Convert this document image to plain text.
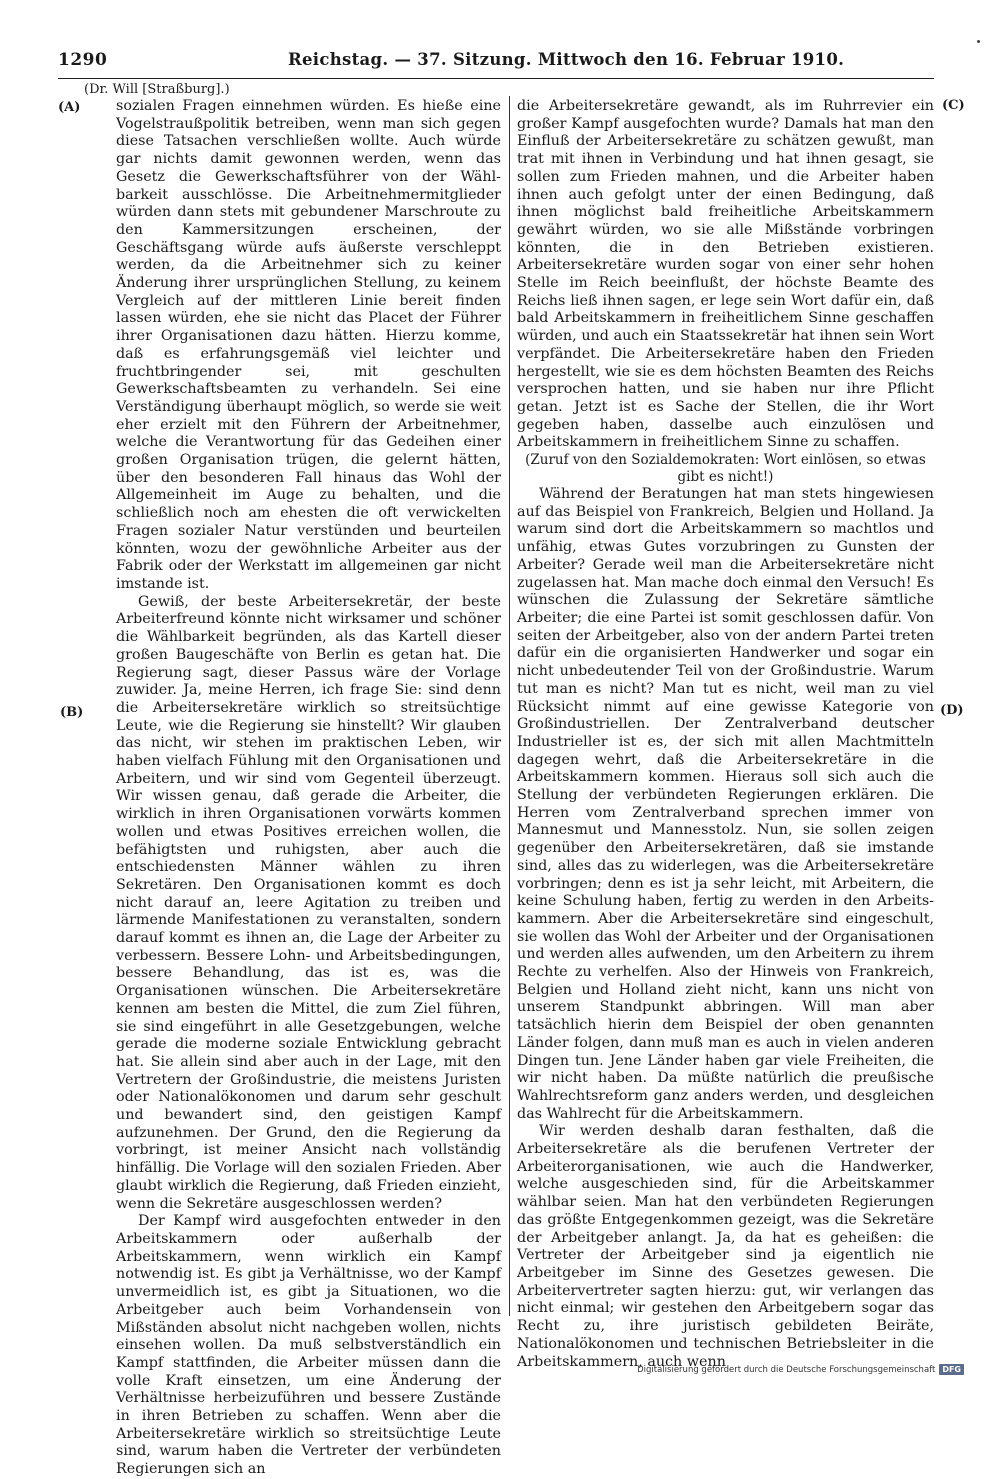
1290	Reichstag. — 37. Sitzung. Mittwoch den 16. Februar 1910.
(Dr. Will [Straßburg].)
(A)
(B)
(C)
(D)

sozialen Fragen einnehmen würden. Es hieße eine Vogelstraußpolitik betreiben, wenn man sich gegen diese Tatsachen verschließen wollte. Auch würde gar nichts damit gewonnen werden, wenn das Gesetz die Gewerkschaftsführer von der Wählbarkeit ausschlösse. Die Arbeitnehmermitglieder würden dann stets mit gebundener Marschroute zu den Kammersitzungen erscheinen, der Geschäftsgang würde aufs äußerste verschleppt werden, da die Arbeitnehmer sich zu keiner Änderung ihrer ursprünglichen Stellung, zu keinem Vergleich auf der mittleren Linie bereit finden lassen würden, ehe sie nicht das Placet der Führer ihrer Organisationen dazu hätten. Hierzu komme, daß es erfahrungsgemäß viel leichter und fruchtbringender sei, mit geschulten Gewerkschaftsbeamten zu verhandeln. Sei eine Verständigung überhaupt möglich, so werde sie weit eher erzielt mit den Führern der Arbeitnehmer, welche die Verantwortung für das Gedeihen einer großen Organisation trügen, die gelernt hätten, über den besonderen Fall hinaus das Wohl der Allgemeinheit im Auge zu behalten, und die schließlich noch am ehesten die oft verwickelten Fragen sozialer Natur verstünden und beurteilen könnten, wozu der gewöhnliche Arbeiter aus der Fabrik oder der Werkstatt im allgemeinen gar nicht imstande ist.

Gewiß, der beste Arbeitersekretär, der beste Arbeiterfreund könnte nicht wirksamer und schöner die Wählbarkeit begründen, als das Kartell dieser großen Baugeschäfte von Berlin es getan hat. Die Regierung sagt, dieser Passus wäre der Vorlage zuwider. Ja, meine Herren, ich frage Sie: sind denn die Arbeitersekretäre wirklich so streitsüchtige Leute, wie die Regierung sie hinstellt? Wir glauben das nicht, wir stehen im praktischen Leben, wir haben vielfach Fühlung mit den Organisationen und Arbeitern, und wir sind vom Gegenteil überzeugt. Wir wissen genau, daß gerade die Arbeiter, die wirklich in ihren Organisationen vorwärts kommen wollen und etwas Positives erreichen wollen, die befähigtsten und ruhigsten, aber auch die entschiedensten Männer wählen zu ihren Sekretären. Den Organisationen kommt es doch nicht darauf an, leere Agitation zu treiben und lärmende Manifestationen zu veranstalten, sondern darauf kommt es ihnen an, die Lage der Arbeiter zu verbessern. Bessere Lohn- und Arbeitsbedingungen, bessere Behandlung, das ist es, was die Organisationen wünschen. Die Arbeitersekretäre kennen am besten die Mittel, die zum Ziel führen, sie sind eingeführt in alle Gesetzgebungen, welche gerade die moderne soziale Entwicklung gebracht hat. Sie allein sind aber auch in der Lage, mit den Vertretern der Großindustrie, die meistens Juristen oder Nationalökonomen und darum sehr geschult und bewandert sind, den geistigen Kampf aufzunehmen. Der Grund, den die Regierung da vorbringt, ist meiner Ansicht nach vollständig hinfällig. Die Vorlage will den sozialen Frieden. Aber glaubt wirklich die Regierung, daß Frieden einzieht, wenn die Sekretäre ausgeschlossen werden?

Der Kampf wird ausgefochten entweder in den Arbeitskammern oder außerhalb der Arbeitskammern, wenn wirklich ein Kampf notwendig ist. Es gibt ja Verhältnisse, wo der Kampf unvermeidlich ist, es gibt ja Situationen, wo die Arbeitgeber auch beim Vorhandensein von Mißständen absolut nicht nachgeben wollen, nichts einsehen wollen. Da muß selbstverständlich ein Kampf stattfinden, die Arbeiter müssen dann die volle Kraft einsetzen, um eine Änderung der Verhältnisse herbeizuführen und bessere Zustände in ihren Betrieben zu schaffen. Wenn aber die Arbeitersekretäre wirklich so streitsüchtige Leute sind, warum haben die Vertreter der verbündeten Regierungen sich an

die Arbeitersekretäre gewandt, als im Ruhrrevier ein großer Kampf ausgefochten wurde? Damals hat man den Einfluß der Arbeitersekretäre zu schätzen gewußt, man trat mit ihnen in Verbindung und hat ihnen gesagt, sie sollen zum Frieden mahnen, und die Arbeiter haben ihnen auch gefolgt unter der einen Bedingung, daß ihnen möglichst bald freiheitliche Arbeitskammern gewährt würden, wo sie alle Mißstände vorbringen könnten, die in den Betrieben existieren. Arbeitersekretäre wurden sogar von einer sehr hohen Stelle im Reich beeinflußt, der höchste Beamte des Reichs ließ ihnen sagen, er lege sein Wort dafür ein, daß bald Arbeitskammern in freiheitlichem Sinne geschaffen würden, und auch ein Staatssekretär hat ihnen sein Wort verpfändet. Die Arbeitersekretäre haben den Frieden hergestellt, wie sie es dem höchsten Beamten des Reichs versprochen hatten, und sie haben nur ihre Pflicht getan. Jetzt ist es Sache der Stellen, die ihr Wort gegeben haben, dasselbe auch einzulösen und Arbeitskammern in freiheitlichem Sinne zu schaffen.

(Zuruf von den Sozialdemokraten: Wort einlösen, so etwas gibt es nicht!)

Während der Beratungen hat man stets hingewiesen auf das Beispiel von Frankreich, Belgien und Holland. Ja warum sind dort die Arbeitskammern so machtlos und unfähig, etwas Gutes vorzubringen zu Gunsten der Arbeiter? Gerade weil man die Arbeitersekretäre nicht zugelassen hat. Man mache doch einmal den Versuch! Es wünschen die Zulassung der Sekretäre sämtliche Arbeiter; die eine Partei ist somit geschlossen dafür. Von seiten der Arbeitgeber, also von der andern Partei treten dafür ein die organisierten Handwerker und sogar ein nicht unbedeutender Teil von der Großindustrie. Warum tut man es nicht? Man tut es nicht, weil man zu viel Rücksicht nimmt auf eine gewisse Kategorie von Großindustriellen. Der Zentralverband deutscher Industrieller ist es, der sich mit allen Machtmitteln dagegen wehrt, daß die Arbeitersekretäre in die Arbeitskammern kommen. Hieraus soll sich auch die Stellung der verbündeten Regierungen erklären. Die Herren vom Zentralverband sprechen immer von Mannesmut und Mannesstolz. Nun, sie sollen zeigen gegenüber den Arbeitersekretären, daß sie imstande sind, alles das zu widerlegen, was die Arbeitersekretäre vorbringen; denn es ist ja sehr leicht, mit Arbeitern, die keine Schulung haben, fertig zu werden in den Arbeitskammern. Aber die Arbeitersekretäre sind eingeschult, sie wollen das Wohl der Arbeiter und der Organisationen und werden alles aufwenden, um den Arbeitern zu ihrem Rechte zu verhelfen. Also der Hinweis von Frankreich, Belgien und Holland zieht nicht, kann uns nicht von unserem Standpunkt abbringen. Will man aber tatsächlich hierin dem Beispiel der oben genannten Länder folgen, dann muß man es auch in vielen anderen Dingen tun. Jene Länder haben gar viele Freiheiten, die wir nicht haben. Da müßte natürlich die preußische Wahlrechtsreform ganz anders werden, und desgleichen das Wahlrecht für die Arbeitskammern.

Wir werden deshalb daran festhalten, daß die Arbeitersekretäre als die berufenen Vertreter der Arbeiterorganisationen, wie auch die Handwerker, welche ausgeschieden sind, für die Arbeitskammer wählbar seien. Man hat den verbündeten Regierungen das größte Entgegenkommen gezeigt, was die Sekretäre der Arbeitgeber anlangt. Ja, da hat es geheißen: die Vertreter der Arbeitgeber sind ja eigentlich nie Arbeitgeber im Sinne des Gesetzes gewesen. Die Arbeitervertreter sagten hierzu: gut, wir verlangen das nicht einmal; wir gestehen den Arbeitgebern sogar das Recht zu, ihre juristisch gebildeten Beiräte, Nationalökonomen und technischen Betriebsleiter in die Arbeitskammern, auch wenn

Digitalisierung gefördert durch die Deutsche Forschungsgemeinschaft DFG
